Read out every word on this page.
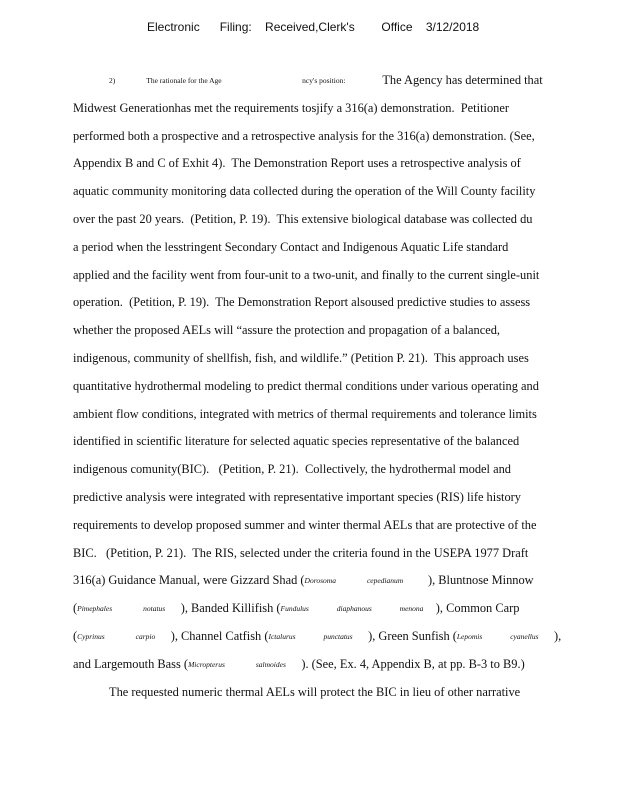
Electronic      Filing:    Received,Clerk's        Office    3/12/2018
2)	The rationale for the Age	ncy's position:            The Agency has determined that
Midwest Generationhas met the requirements tosjify a 316(a) demonstration.  Petitioner
performed both a prospective and a retrospective analysis for the 316(a) demonstration. (See,
Appendix B and C of Exhit 4).  The Demonstration Report uses a retrospective analysis of
aquatic community monitoring data collected during the operation of the Will County facility
over the past 20 years.  (Petition, P. 19).  This extensive biological database was collected du
a period when the lesstringent Secondary Contact and Indigenous Aquatic Life standard
applied and the facility went from four-unit to a two-unit, and finally to the current single-unit
operation.  (Petition, P. 19).  The Demonstration Report alsoused predictive studies to assess
whether the proposed AELs will “assure the protection and propagation of a balanced,
indigenous, community of shellfish, fish, and wildlife.” (Petition P. 21).  This approach uses
quantitative hydrothermal modeling to predict thermal conditions under various operating and
ambient flow conditions, integrated with metrics of thermal requirements and tolerance limits
identified in scientific literature for selected aquatic species representative of the balanced
indigenous comunity(BIC).   (Petition, P. 21).  Collectively, the hydrothermal model and
predictive analysis were integrated with representative important species (RIS) life history
requirements to develop proposed summer and winter thermal AELs that are protective of the
BIC.   (Petition, P. 21).  The RIS, selected under the criteria found in the USEPA 1977 Draft
316(a) Guidance Manual, were Gizzard Shad (Dorosoma	cepedianum        ), Bluntnose Minnow
(Pimephales	notatus     ), Banded Killifish (Fundulus	diaphanous	menona    ), Common Carp
(Cyprinus	carpio     ), Channel Catfish (Ictalurus	punctatus     ), Green Sunfish (Lepomis	cyanellus     ),
and Largemouth Bass (Micropterus	salmoides     ). (See, Ex. 4, Appendix B, at pp. B-3 to B9.)
The requested numeric thermal AELs will protect the BIC in lieu of other narrative
